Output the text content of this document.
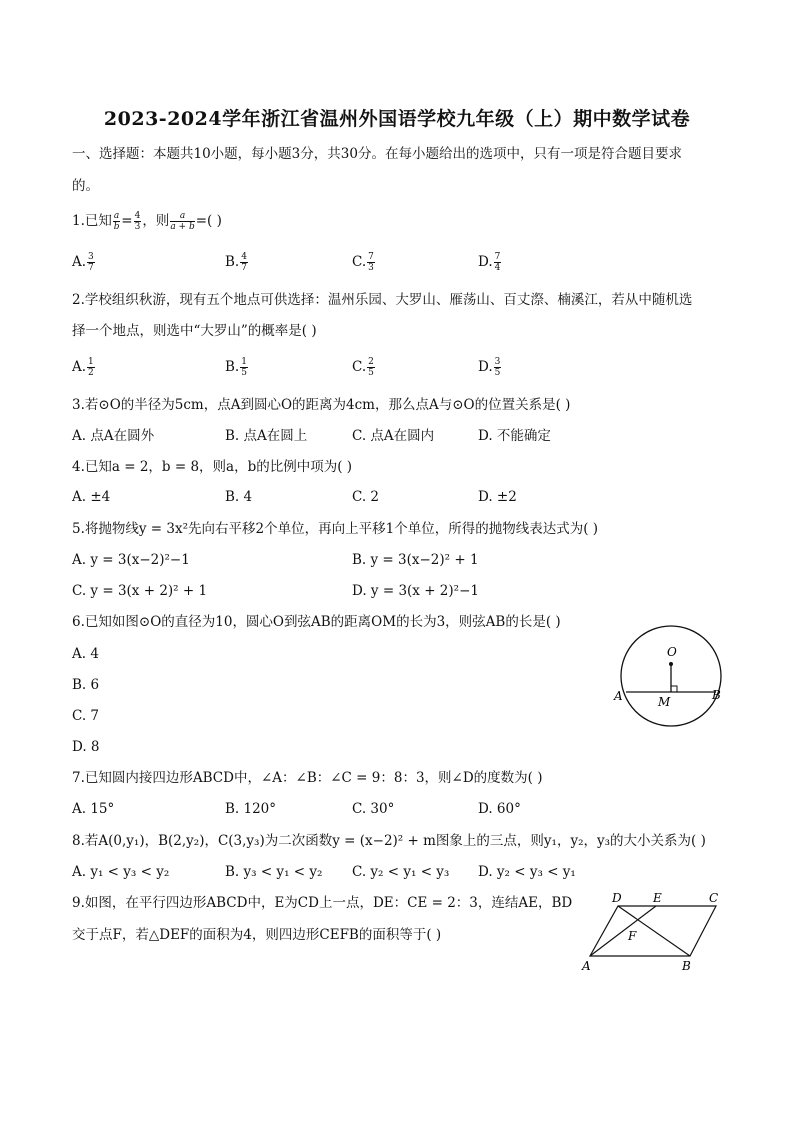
2023-2024学年浙江省温州外国语学校九年级（上）期中数学试卷
一、选择题：本题共10小题，每小题3分，共30分。在每小题给出的选项中，只有一项是符合题目要求
的。
1.已知 $\frac{a}{b} = \frac{4}{3}$ ，则 $\frac{a}{a + b}$ =( )
A. $\frac{3}{7}$	B. $\frac{4}{7}$	C. $\frac{7}{3}$	D. $\frac{7}{4}$
2.学校组织秋游，现有五个地点可供选择：温州乐园、大罗山、雁荡山、百丈漈、楠溪江，若从中随机选
择一个地点，则选中“大罗山”的概率是( )
A. $\frac{1}{2}$	B. $\frac{1}{5}$	C. $\frac{2}{5}$	D. $\frac{3}{5}$
3.若⊙O的半径为5cm，点A到圆心O的距离为4cm，那么点A与⊙O的位置关系是( )
A. 点A在圆外	B. 点A在圆上	C. 点A在圆内	D. 不能确定
4.已知a = 2，b = 8，则a，b的比例中项为( )
A. ±4	B. 4	C. 2	D. ±2
5.将抛物线y = 3x²先向右平移2个单位，再向上平移1个单位，所得的抛物线表达式为( )
A. y = 3(x−2)²−1	B. y = 3(x−2)² + 1
C. y = 3(x + 2)² + 1	D. y = 3(x + 2)²−1
6.已知如图⊙O的直径为10，圆心O到弦AB的距离OM的长为3，则弦AB的长是( )
A. 4
B. 6
C. 7
D. 8
O
A	B
M
7.已知圆内接四边形ABCD中，∠A：∠B：∠C = 9：8：3，则∠D的度数为( )
A. 15°	B. 120°	C. 30°	D. 60°
8.若A(0,y₁)，B(2,y₂)，C(3,y₃)为二次函数y = (x−2)² + m图象上的三点，则y₁，y₂，y₃的大小关系为( )
A. y₁ < y₃ < y₂	B. y₃ < y₁ < y₂ C. y₂ < y₁ < y₃ D. y₂ < y₃ < y₁
9.如图，在平行四边形ABCD中，E为CD上一点，DE：CE = 2：3，连结AE，BD
交于点F，若△DEF的面积为4，则四边形CEFB的面积等于( )
D	E	C
F
A	B
